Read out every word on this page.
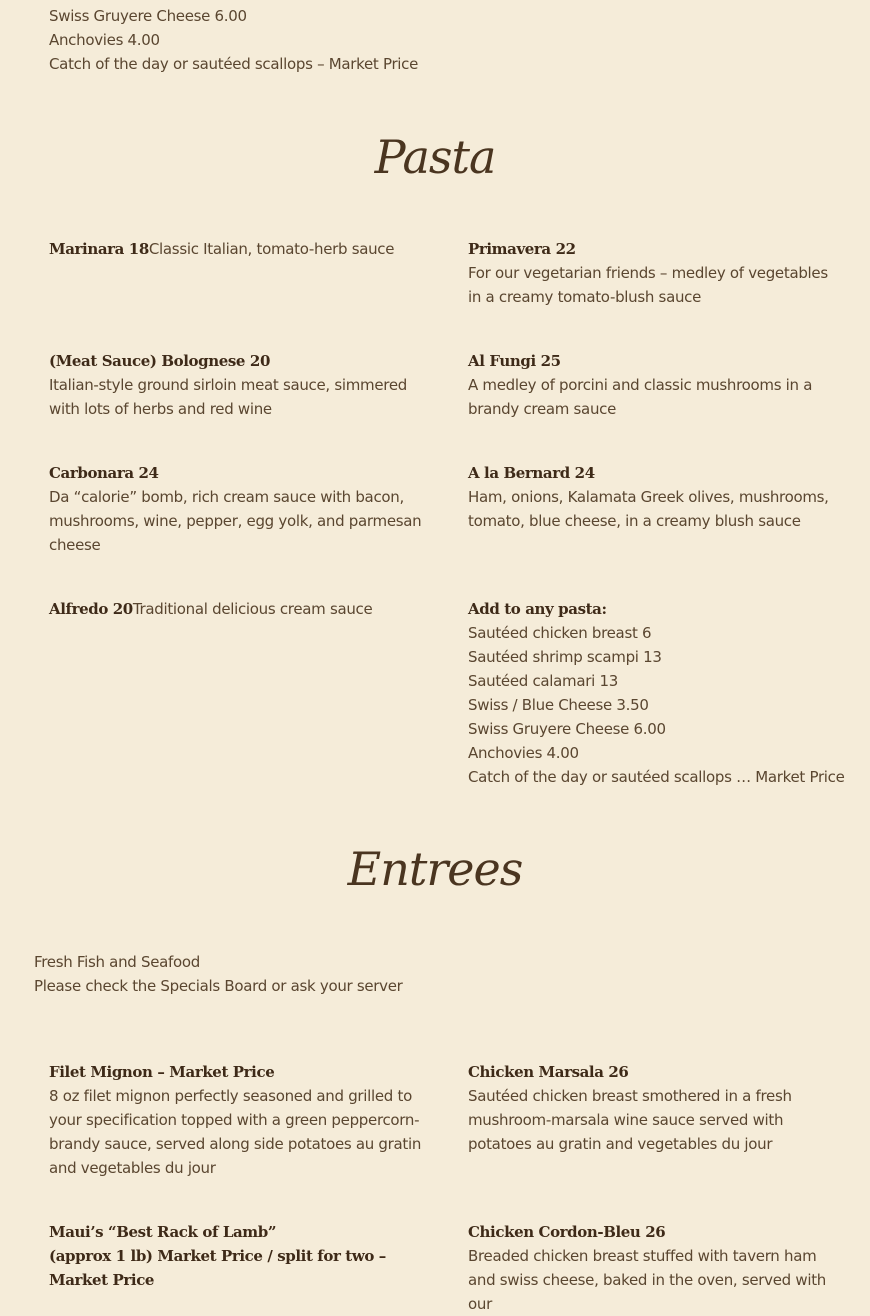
Swiss Gruyere Cheese 6.00
Anchovies 4.00
Catch of the day or sautéed scallops – Market Price
Pasta
Marinara 18Classic Italian, tomato-herb sauce	Primavera 22
For our vegetarian friends – medley of vegetables in a creamy tomato-blush sauce
(Meat Sauce) Bolognese 20
Italian-style ground sirloin meat sauce, simmered with lots of herbs and red wine
Al Fungi 25
A medley of porcini and classic mushrooms in a brandy cream sauce
Carbonara 24
Da “calorie” bomb, rich cream sauce with bacon, mushrooms, wine, pepper, egg yolk, and parmesan cheese
A la Bernard 24
Ham, onions, Kalamata Greek olives, mushrooms, tomato, blue cheese, in a creamy blush sauce
Alfredo 20Traditional delicious cream sauce	Add to any pasta:
Sautéed chicken breast 6
Sautéed shrimp scampi 13
Sautéed calamari 13
Swiss / Blue Cheese 3.50
Swiss Gruyere Cheese 6.00
Anchovies 4.00
Catch of the day or sautéed scallops … Market Price
Entrees
Fresh Fish and Seafood
Please check the Specials Board or ask your server
Filet Mignon – Market Price
8 oz filet mignon perfectly seasoned and grilled to your specification topped with a green peppercorn-brandy sauce, served along side potatoes au gratin and vegetables du jour
Chicken Marsala 26
Sautéed chicken breast smothered in a fresh mushroom-marsala wine sauce served with potatoes au gratin and vegetables du jour
Maui’s “Best Rack of Lamb”
(approx 1 lb) Market Price / split for two –
Market Price
Chicken Cordon-Bleu 26
Breaded chicken breast stuffed with tavern ham and swiss cheese, baked in the oven, served with our
